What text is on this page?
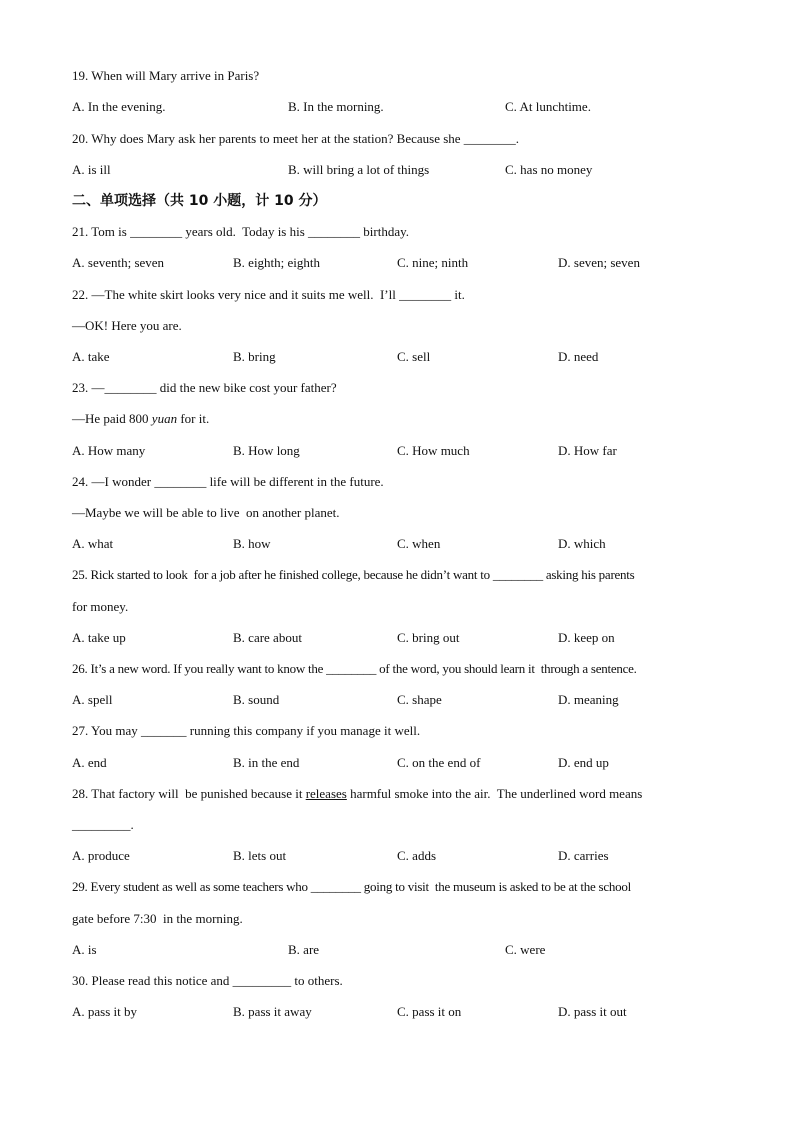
19. When will Mary arrive in Paris?
A. In the evening.	B. In the morning.	C. At lunchtime.
20. Why does Mary ask her parents to meet her at the station? Because she ________.
A. is ill	B. will bring a lot of things	C. has no money
二、单项选择（共 10 小题，计 10 分）
21. Tom is ________ years old.  Today is his ________ birthday.
A. seventh; seven	B. eighth; eighth	C. nine; ninth	D. seven; seven
22. —The white skirt looks very nice and it suits me well.  I’ll ________ it.
—OK! Here you are.
A. take	B. bring	C. sell	D. need
23. —________ did the new bike cost your father?
—He paid 800 yuan for it.
A. How many	B. How long	C. How much	D. How far
24. —I wonder ________ life will be different in the future.
—Maybe we will be able to live  on another planet.
A. what	B. how	C. when	D. which
25. Rick started to look  for a job after he finished college, because he didn’t want to ________ asking his parents
for money.
A. take up	B. care about	C. bring out	D. keep on
26. It’s a new word. If you really want to know the ________ of the word, you should learn it  through a sentence.
A. spell	B. sound	C. shape	D. meaning
27. You may _______ running this company if you manage it well.
A. end	B. in the end	C. on the end of	D. end up
28. That factory will  be punished because it releases harmful smoke into the air.  The underlined word means
_________.
A. produce	B. lets out	C. adds	D. carries
29. Every student as well as some teachers who ________ going to visit  the museum is asked to be at the school
gate before 7:30  in the morning.
A. is	B. are	C. were
30. Please read this notice and _________ to others.
A. pass it by	B. pass it away	C. pass it on	D. pass it out
